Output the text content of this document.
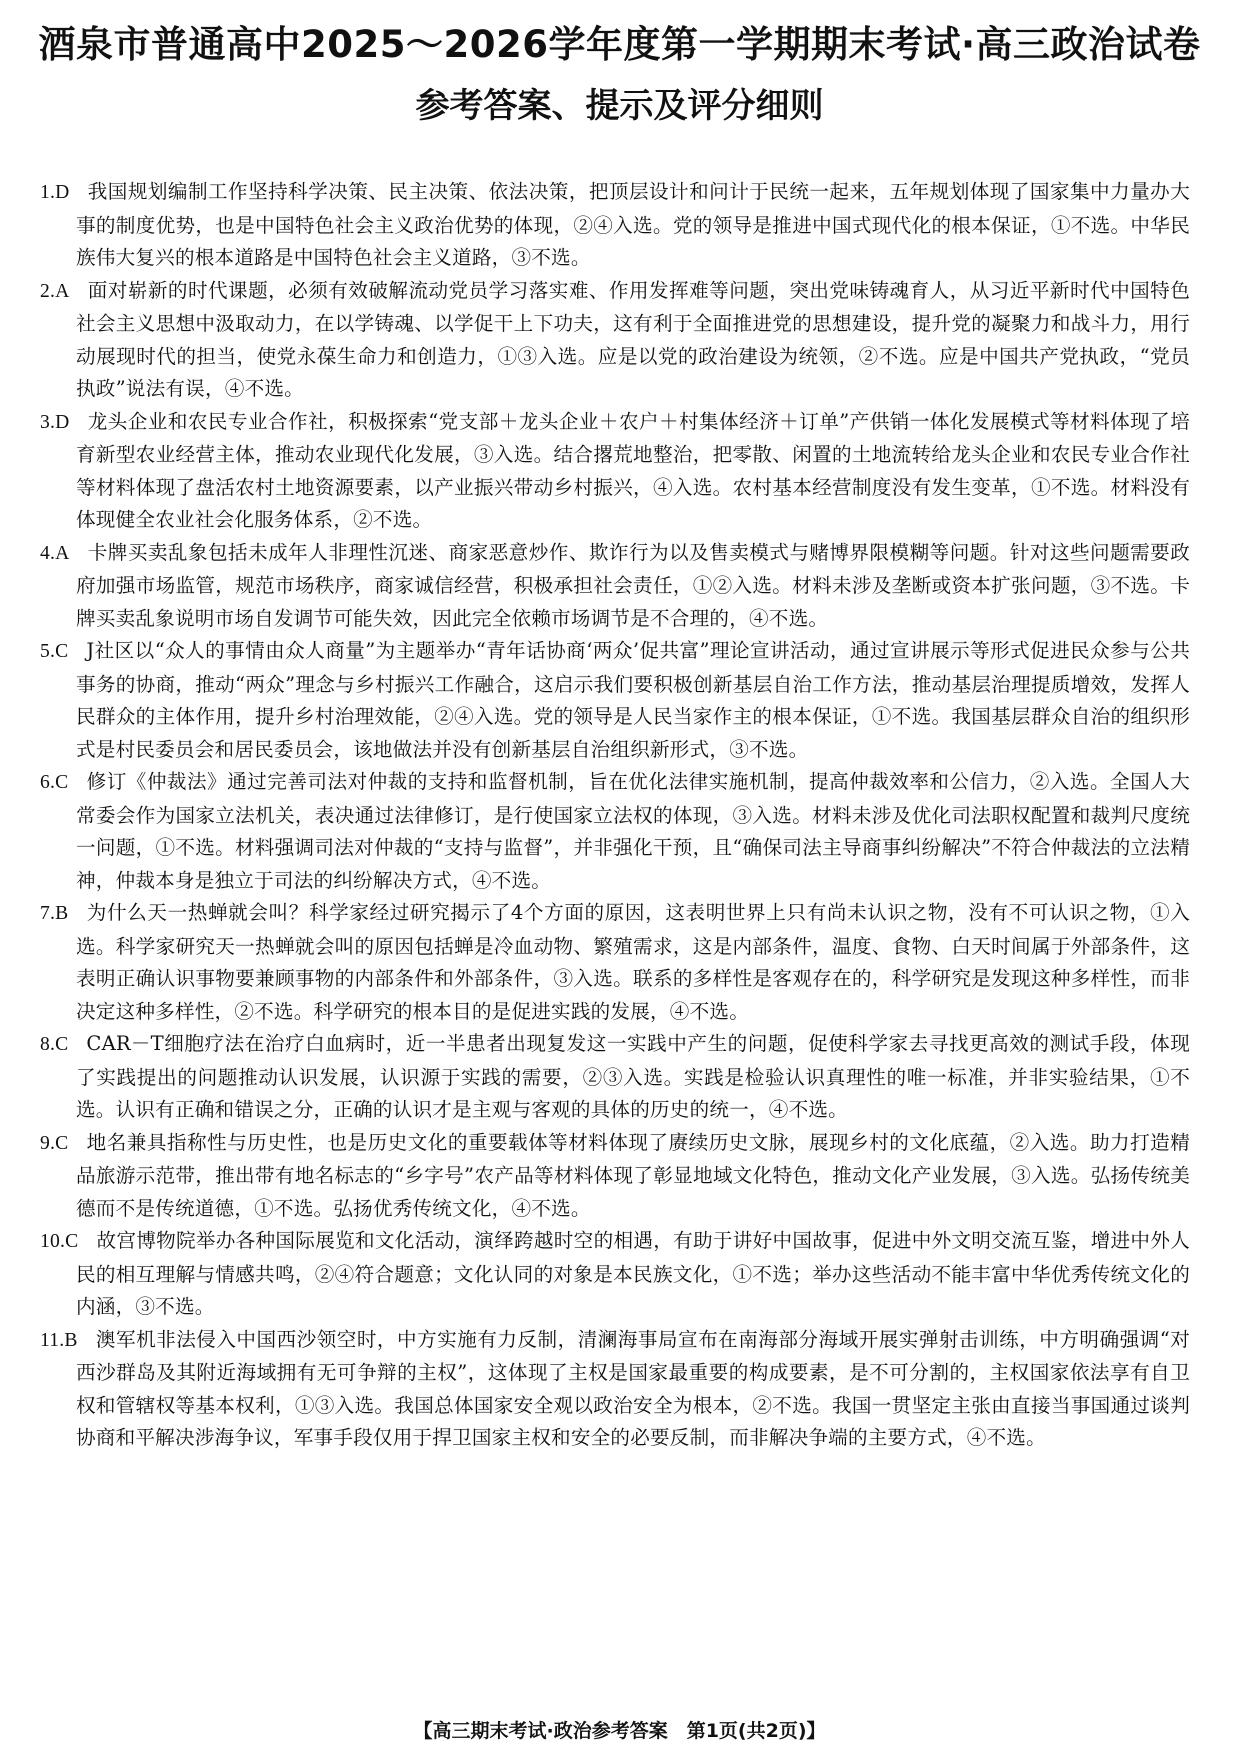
酒泉市普通高中2025～2026学年度第一学期期末考试·高三政治试卷
参考答案、提示及评分细则

1.D 我国规划编制工作坚持科学决策、民主决策、依法决策，把顶层设计和问计于民统一起来，五年规划体现了国家集中力量办大事的制度优势，也是中国特色社会主义政治优势的体现，②④入选。党的领导是推进中国式现代化的根本保证，①不选。中华民族伟大复兴的根本道路是中国特色社会主义道路，③不选。

2.A 面对崭新的时代课题，必须有效破解流动党员学习落实难、作用发挥难等问题，突出党味铸魂育人，从习近平新时代中国特色社会主义思想中汲取动力，在以学铸魂、以学促干上下功夫，这有利于全面推进党的思想建设，提升党的凝聚力和战斗力，用行动展现时代的担当，使党永葆生命力和创造力，①③入选。应是以党的政治建设为统领，②不选。应是中国共产党执政，“党员执政”说法有误，④不选。

3.D 龙头企业和农民专业合作社，积极探索“党支部＋龙头企业＋农户＋村集体经济＋订单”产供销一体化发展模式等材料体现了培育新型农业经营主体，推动农业现代化发展，③入选。结合撂荒地整治，把零散、闲置的土地流转给龙头企业和农民专业合作社等材料体现了盘活农村土地资源要素，以产业振兴带动乡村振兴，④入选。农村基本经营制度没有发生变革，①不选。材料没有体现健全农业社会化服务体系，②不选。

4.A 卡牌买卖乱象包括未成年人非理性沉迷、商家恶意炒作、欺诈行为以及售卖模式与赌博界限模糊等问题。针对这些问题需要政府加强市场监管，规范市场秩序，商家诚信经营，积极承担社会责任，①②入选。材料未涉及垄断或资本扩张问题，③不选。卡牌买卖乱象说明市场自发调节可能失效，因此完全依赖市场调节是不合理的，④不选。

5.C J社区以“众人的事情由众人商量”为主题举办“青年话协商‘两众’促共富”理论宣讲活动，通过宣讲展示等形式促进民众参与公共事务的协商，推动“两众”理念与乡村振兴工作融合，这启示我们要积极创新基层自治工作方法，推动基层治理提质增效，发挥人民群众的主体作用，提升乡村治理效能，②④入选。党的领导是人民当家作主的根本保证，①不选。我国基层群众自治的组织形式是村民委员会和居民委员会，该地做法并没有创新基层自治组织新形式，③不选。

6.C 修订《仲裁法》通过完善司法对仲裁的支持和监督机制，旨在优化法律实施机制，提高仲裁效率和公信力，②入选。全国人大常委会作为国家立法机关，表决通过法律修订，是行使国家立法权的体现，③入选。材料未涉及优化司法职权配置和裁判尺度统一问题，①不选。材料强调司法对仲裁的“支持与监督”，并非强化干预，且“确保司法主导商事纠纷解决”不符合仲裁法的立法精神，仲裁本身是独立于司法的纠纷解决方式，④不选。

7.B 为什么天一热蝉就会叫？科学家经过研究揭示了4个方面的原因，这表明世界上只有尚未认识之物，没有不可认识之物，①入选。科学家研究天一热蝉就会叫的原因包括蝉是冷血动物、繁殖需求，这是内部条件，温度、食物、白天时间属于外部条件，这表明正确认识事物要兼顾事物的内部条件和外部条件，③入选。联系的多样性是客观存在的，科学研究是发现这种多样性，而非决定这种多样性，②不选。科学研究的根本目的是促进实践的发展，④不选。

8.C CAR－T细胞疗法在治疗白血病时，近一半患者出现复发这一实践中产生的问题，促使科学家去寻找更高效的测试手段，体现了实践提出的问题推动认识发展，认识源于实践的需要，②③入选。实践是检验认识真理性的唯一标准，并非实验结果，①不选。认识有正确和错误之分，正确的认识才是主观与客观的具体的历史的统一，④不选。

9.C 地名兼具指称性与历史性，也是历史文化的重要载体等材料体现了赓续历史文脉，展现乡村的文化底蕴，②入选。助力打造精品旅游示范带，推出带有地名标志的“乡字号”农产品等材料体现了彰显地域文化特色，推动文化产业发展，③入选。弘扬传统美德而不是传统道德，①不选。弘扬优秀传统文化，④不选。

10.C 故宫博物院举办各种国际展览和文化活动，演绎跨越时空的相遇，有助于讲好中国故事，促进中外文明交流互鉴，增进中外人民的相互理解与情感共鸣，②④符合题意；文化认同的对象是本民族文化，①不选；举办这些活动不能丰富中华优秀传统文化的内涵，③不选。

11.B 澳军机非法侵入中国西沙领空时，中方实施有力反制，清澜海事局宣布在南海部分海域开展实弹射击训练，中方明确强调“对西沙群岛及其附近海域拥有无可争辩的主权”，这体现了主权是国家最重要的构成要素，是不可分割的，主权国家依法享有自卫权和管辖权等基本权利，①③入选。我国总体国家安全观以政治安全为根本，②不选。我国一贯坚定主张由直接当事国通过谈判协商和平解决涉海争议，军事手段仅用于捍卫国家主权和安全的必要反制，而非解决争端的主要方式，④不选。

【高三期末考试·政治参考答案　第1页(共2页)】
